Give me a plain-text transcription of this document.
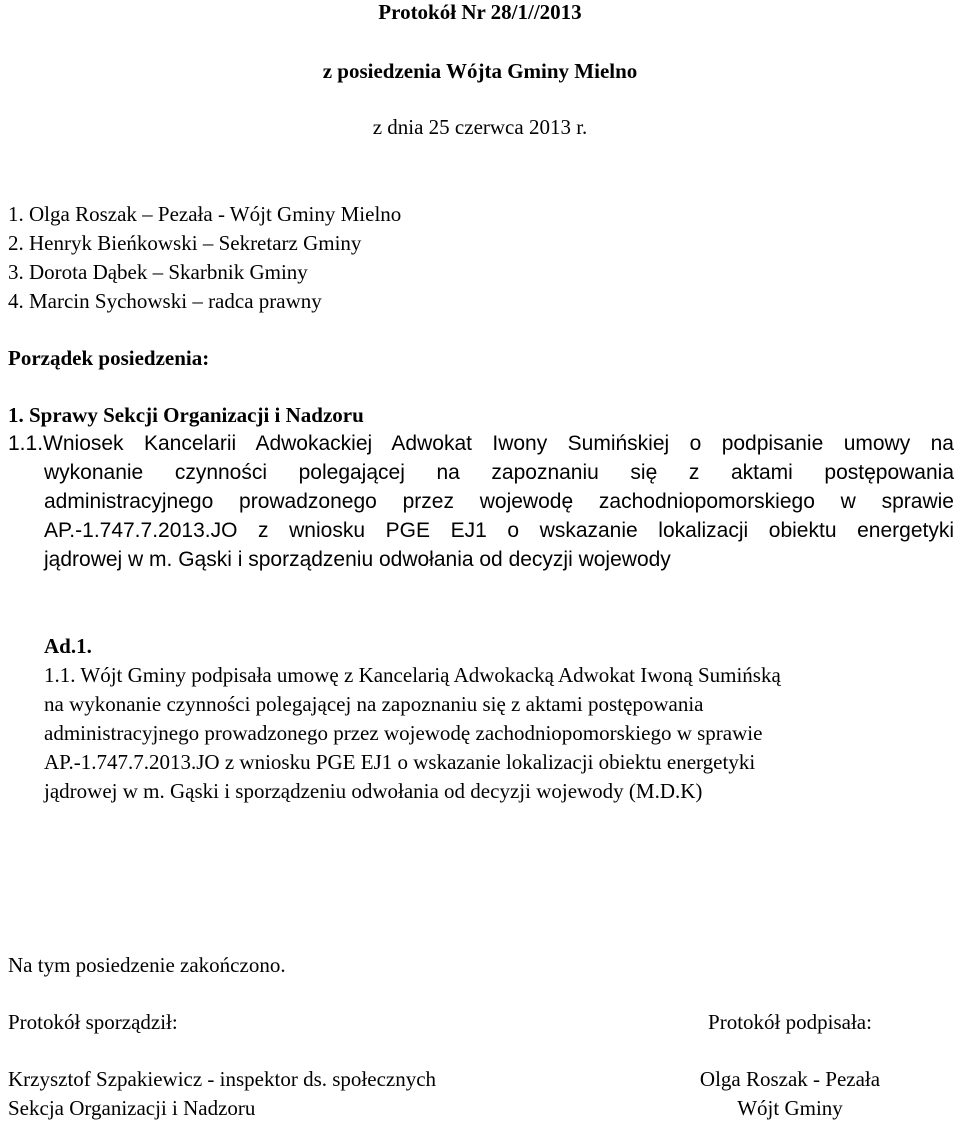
Protokół Nr 28/1//2013
z posiedzenia Wójta Gminy Mielno
z dnia 25 czerwca 2013 r.
1. Olga Roszak – Pezała - Wójt Gminy Mielno
2. Henryk Bieńkowski – Sekretarz Gminy
3. Dorota Dąbek – Skarbnik Gminy
4. Marcin Sychowski – radca prawny
Porządek posiedzenia:
1. Sprawy Sekcji Organizacji i Nadzoru
1.1.Wniosek Kancelarii Adwokackiej Adwokat Iwony Sumińskiej o podpisanie umowy na
wykonanie czynności polegającej na zapoznaniu się z aktami postępowania
administracyjnego prowadzonego przez wojewodę zachodniopomorskiego w sprawie
AP.-1.747.7.2013.JO z wniosku PGE EJ1 o wskazanie lokalizacji obiektu energetyki
jądrowej w m. Gąski i sporządzeniu odwołania od decyzji wojewody
Ad.1.
1.1. Wójt Gminy podpisała umowę z Kancelarią Adwokacką Adwokat Iwoną Sumińską
na wykonanie czynności polegającej na zapoznaniu się z aktami postępowania
administracyjnego prowadzonego przez wojewodę zachodniopomorskiego w sprawie
AP.-1.747.7.2013.JO z wniosku PGE EJ1 o wskazanie lokalizacji obiektu energetyki
jądrowej w m. Gąski i sporządzeniu odwołania od decyzji wojewody (M.D.K)
Na tym posiedzenie zakończono.
Protokół sporządził:
Krzysztof Szpakiewicz - inspektor ds. społecznych
Sekcja Organizacji i Nadzoru
Protokół podpisała:
Olga Roszak - Pezała
Wójt Gminy
